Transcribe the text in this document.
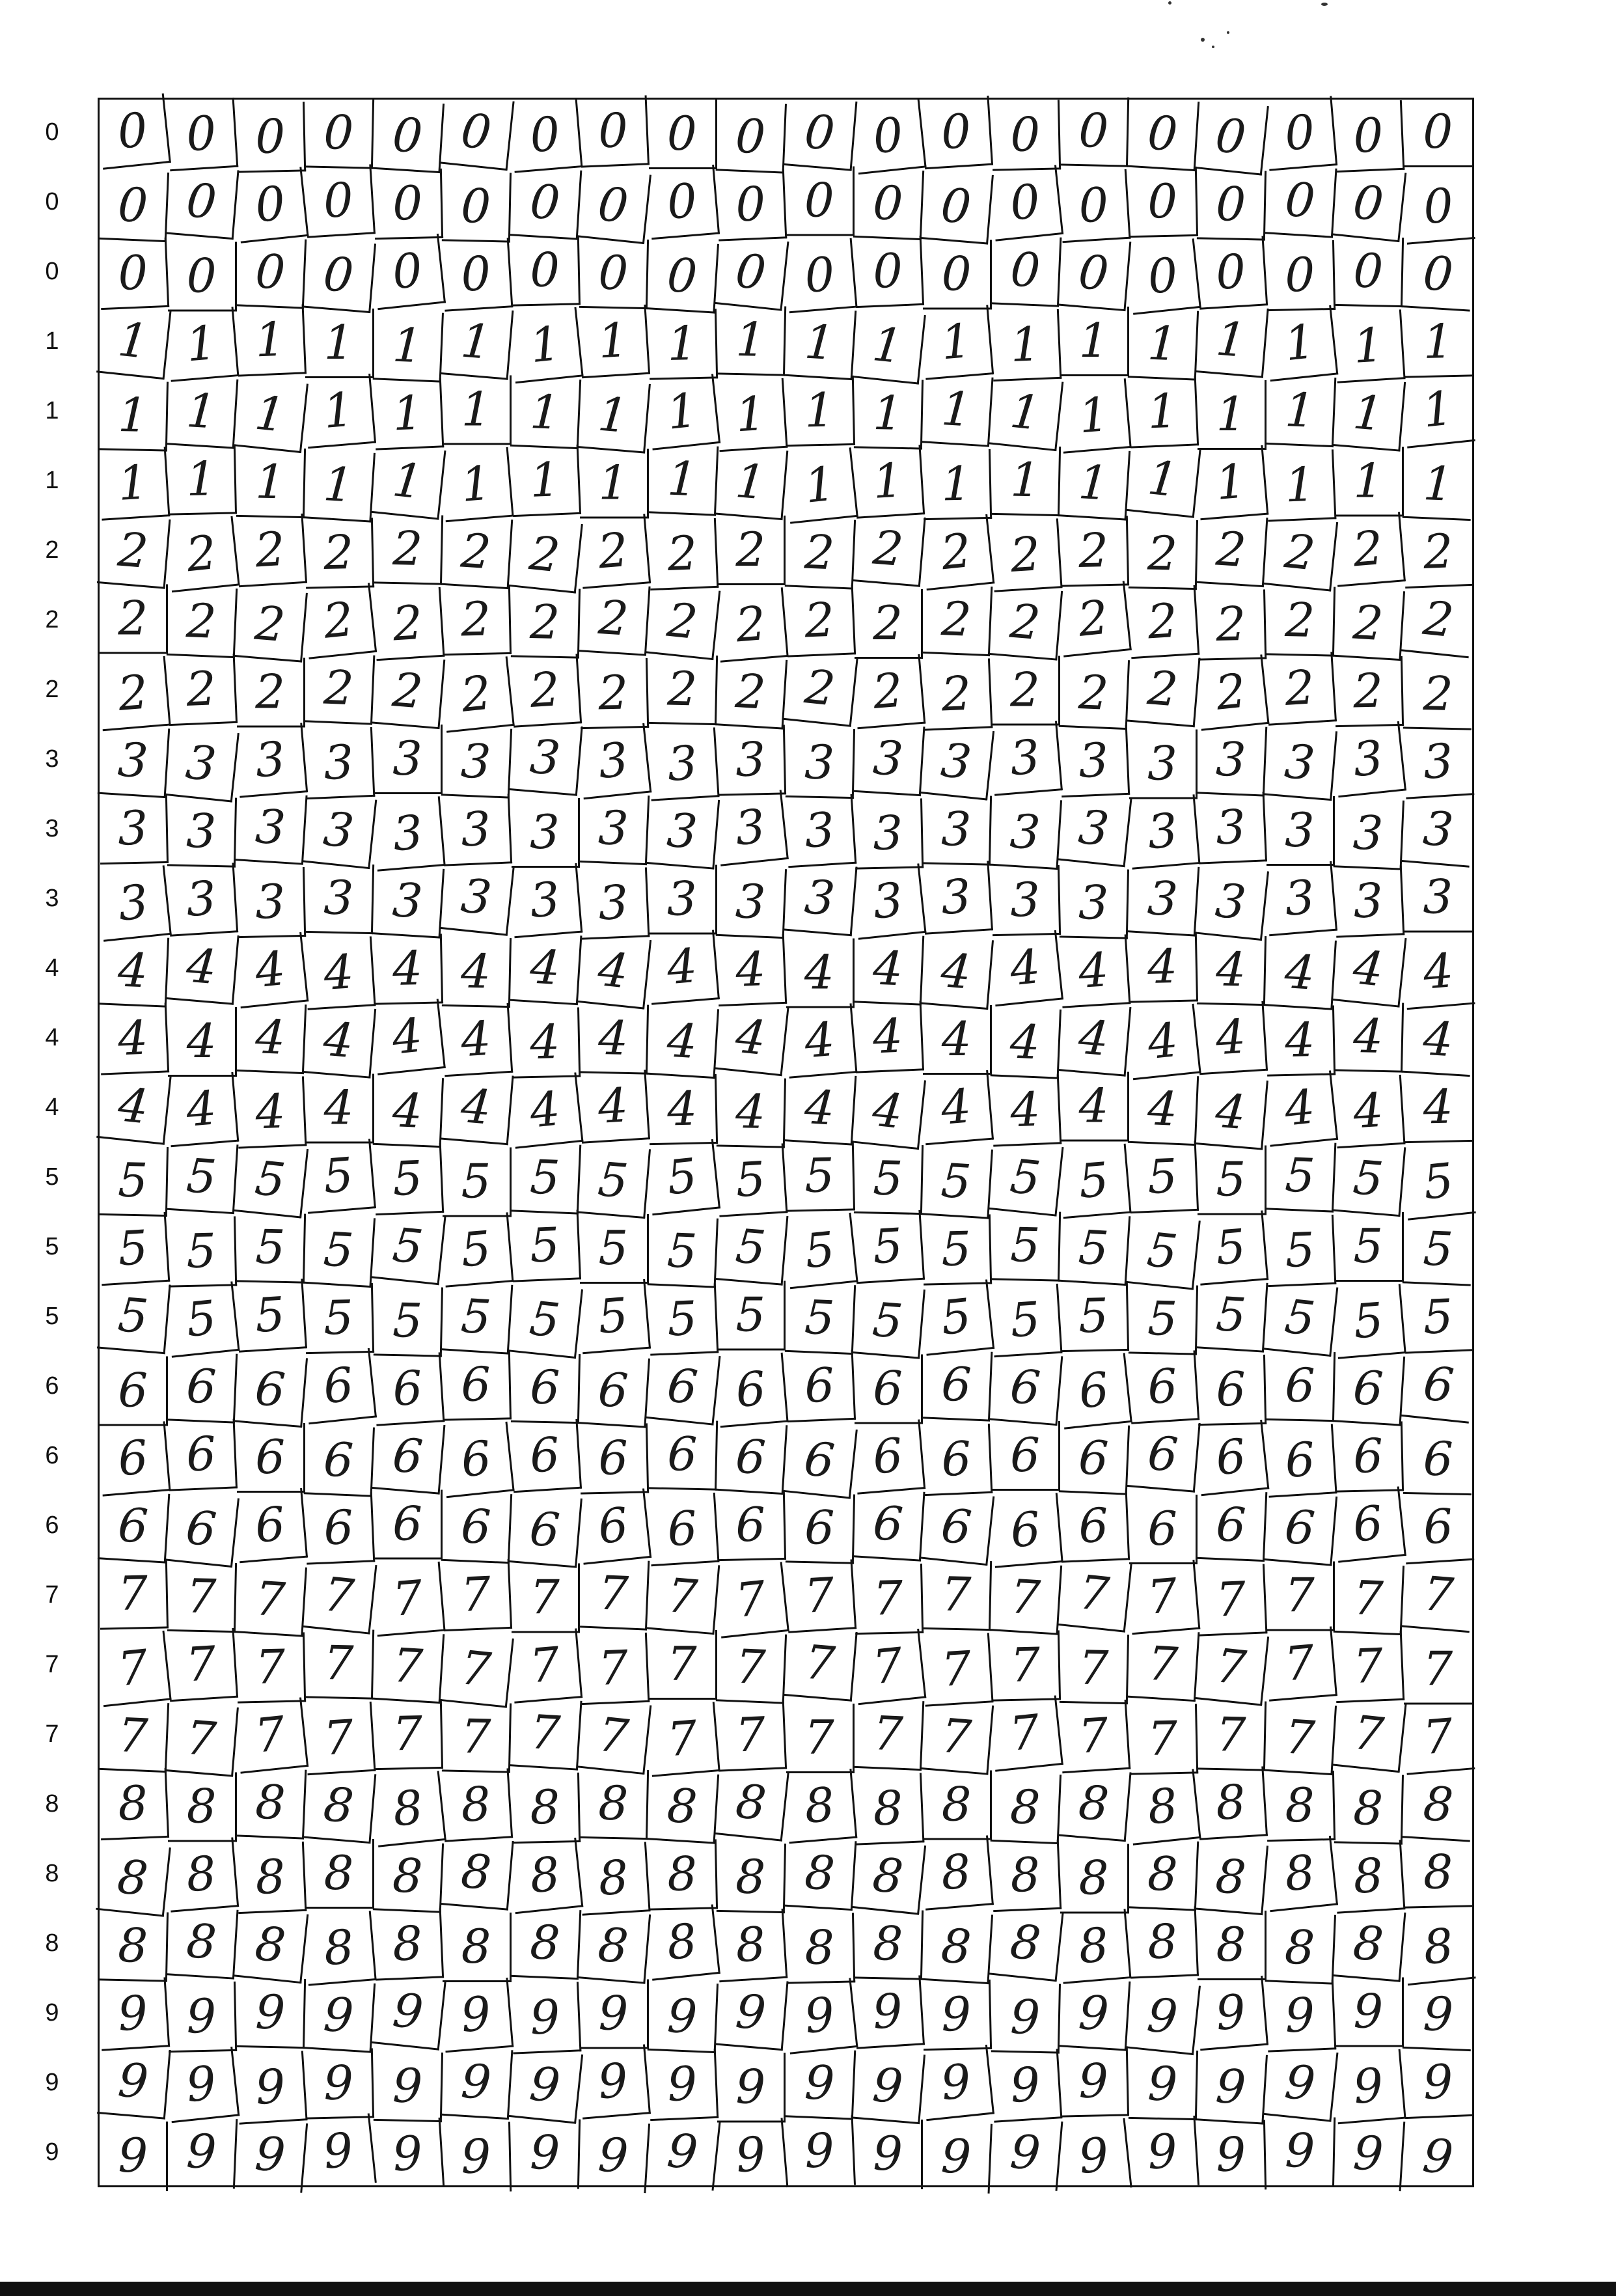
0
0
0
1
1
1
2
2
2
3
3
3
4
4
4
5
5
5
6
6
6
7
7
7
8
8
8
9
9
9
0 0 0 0 0 0 0 0 0 0 0 0 0 0 0 0 0 0 0 0
0 0 0 0 0 0 0 0 0 0 0 0 0 0 0 0 0 0 0 0
0 0 0 0 0 0 0 0 0 0 0 0 0 0 0 0 0 0 0 0
1 1 1 1 1 1 1 1 1 1 1 1 1 1 1 1 1 1 1 1
1 1 1 1 1 1 1 1 1 1 1 1 1 1 1 1 1 1 1 1
1 1 1 1 1 1 1 1 1 1 1 1 1 1 1 1 1 1 1 1
2 2 2 2 2 2 2 2 2 2 2 2 2 2 2 2 2 2 2 2
2 2 2 2 2 2 2 2 2 2 2 2 2 2 2 2 2 2 2 2
2 2 2 2 2 2 2 2 2 2 2 2 2 2 2 2 2 2 2 2
3 3 3 3 3 3 3 3 3 3 3 3 3 3 3 3 3 3 3 3
3 3 3 3 3 3 3 3 3 3 3 3 3 3 3 3 3 3 3 3
3 3 3 3 3 3 3 3 3 3 3 3 3 3 3 3 3 3 3 3
4 4 4 4 4 4 4 4 4 4 4 4 4 4 4 4 4 4 4 4
4 4 4 4 4 4 4 4 4 4 4 4 4 4 4 4 4 4 4 4
4 4 4 4 4 4 4 4 4 4 4 4 4 4 4 4 4 4 4 4
5 5 5 5 5 5 5 5 5 5 5 5 5 5 5 5 5 5 5 5
5 5 5 5 5 5 5 5 5 5 5 5 5 5 5 5 5 5 5 5
5 5 5 5 5 5 5 5 5 5 5 5 5 5 5 5 5 5 5 5
6 6 6 6 6 6 6 6 6 6 6 6 6 6 6 6 6 6 6 6
6 6 6 6 6 6 6 6 6 6 6 6 6 6 6 6 6 6 6 6
6 6 6 6 6 6 6 6 6 6 6 6 6 6 6 6 6 6 6 6
7 7 7 7 7 7 7 7 7 7 7 7 7 7 7 7 7 7 7 7
7 7 7 7 7 7 7 7 7 7 7 7 7 7 7 7 7 7 7 7
7 7 7 7 7 7 7 7 7 7 7 7 7 7 7 7 7 7 7 7
8 8 8 8 8 8 8 8 8 8 8 8 8 8 8 8 8 8 8 8
8 8 8 8 8 8 8 8 8 8 8 8 8 8 8 8 8 8 8 8
8 8 8 8 8 8 8 8 8 8 8 8 8 8 8 8 8 8 8 8
9 9 9 9 9 9 9 9 9 9 9 9 9 9 9 9 9 9 9 9
9 9 9 9 9 9 9 9 9 9 9 9 9 9 9 9 9 9 9 9
9 9 9 9 9 9 9 9 9 9 9 9 9 9 9 9 9 9 9 9
